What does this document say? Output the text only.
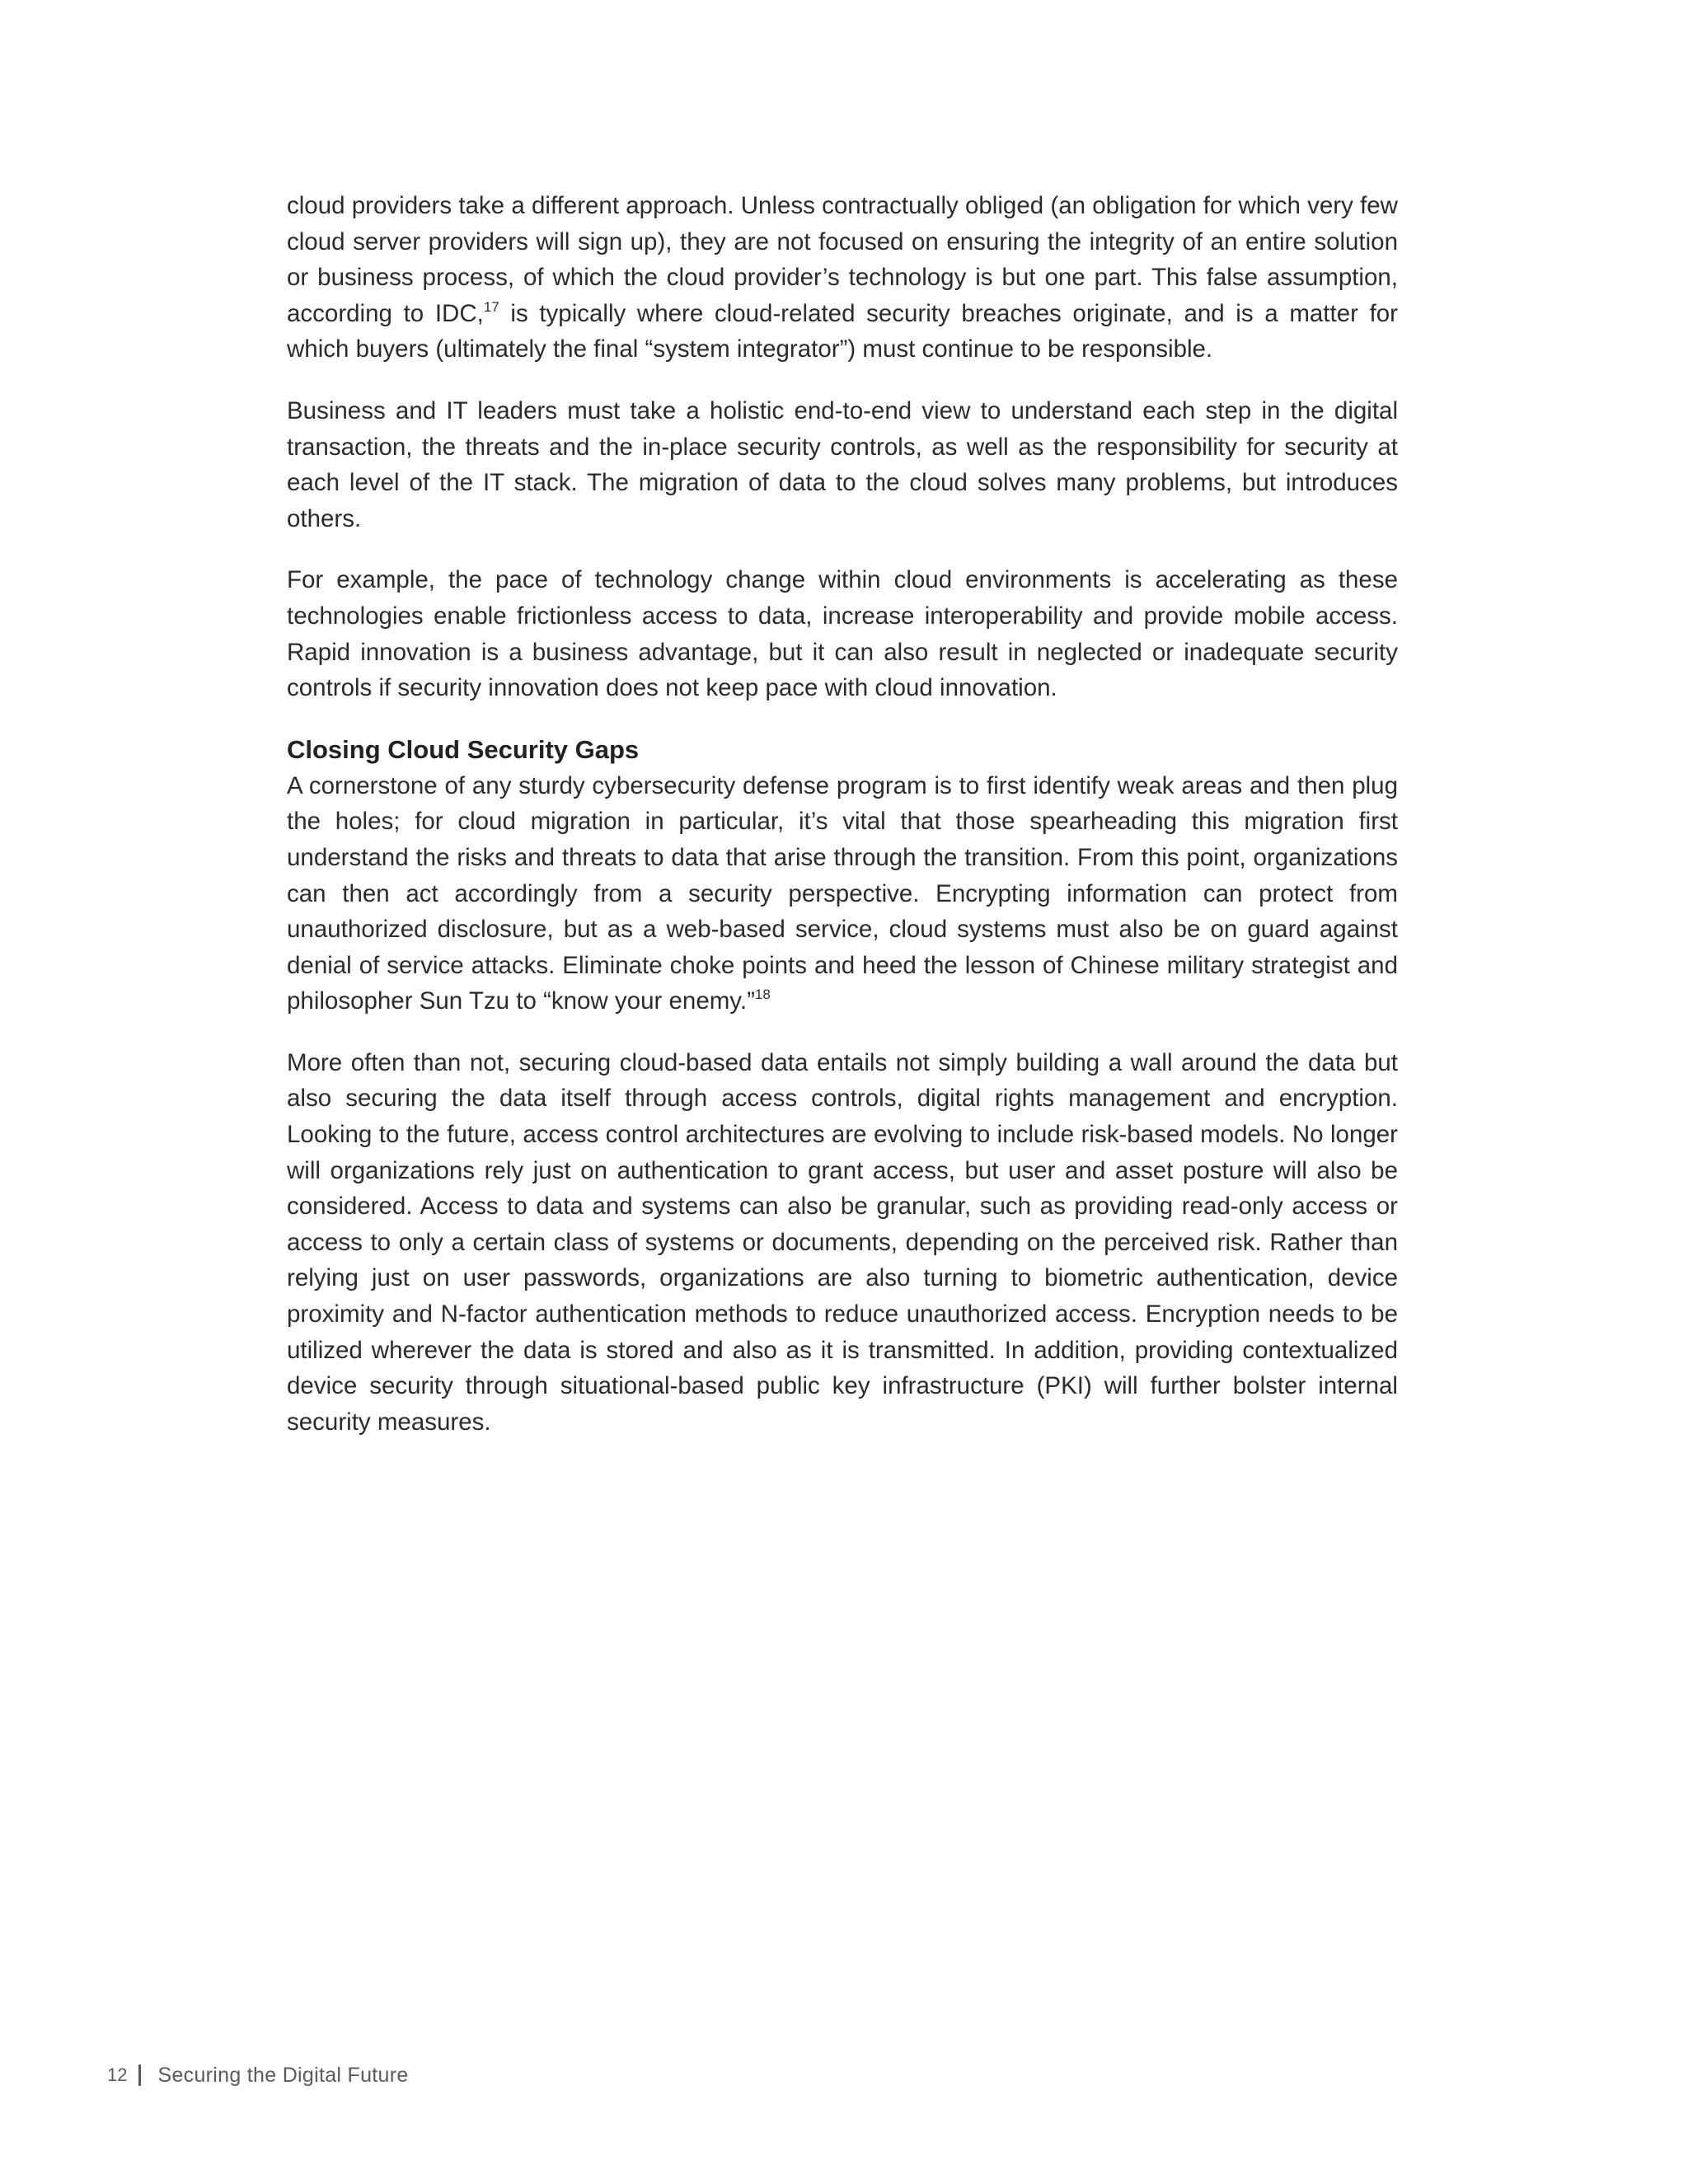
cloud providers take a different approach. Unless contractually obliged (an obligation for which very few cloud server providers will sign up), they are not focused on ensuring the integrity of an entire solution or business process, of which the cloud provider’s technology is but one part. This false assumption, according to IDC,$^{17}$ is typically where cloud-related security breaches originate, and is a matter for which buyers (ultimately the final “system integrator”) must continue to be responsible.

Business and IT leaders must take a holistic end-to-end view to understand each step in the digital transaction, the threats and the in-place security controls, as well as the responsibility for security at each level of the IT stack. The migration of data to the cloud solves many problems, but introduces others.

For example, the pace of technology change within cloud environments is accelerating as these technologies enable frictionless access to data, increase interoperability and provide mobile access. Rapid innovation is a business advantage, but it can also result in neglected or inadequate security controls if security innovation does not keep pace with cloud innovation.

Closing Cloud Security Gaps

A cornerstone of any sturdy cybersecurity defense program is to first identify weak areas and then plug the holes; for cloud migration in particular, it’s vital that those spearheading this migration first understand the risks and threats to data that arise through the transition. From this point, organizations can then act accordingly from a security perspective. Encrypting information can protect from unauthorized disclosure, but as a web-based service, cloud systems must also be on guard against denial of service attacks. Eliminate choke points and heed the lesson of Chinese military strategist and philosopher Sun Tzu to “know your enemy.”$^{18}$

More often than not, securing cloud-based data entails not simply building a wall around the data but also securing the data itself through access controls, digital rights management and encryption. Looking to the future, access control architectures are evolving to include risk-based models. No longer will organizations rely just on authentication to grant access, but user and asset posture will also be considered. Access to data and systems can also be granular, such as providing read-only access or access to only a certain class of systems or documents, depending on the perceived risk. Rather than relying just on user passwords, organizations are also turning to biometric authentication, device proximity and N-factor authentication methods to reduce unauthorized access. Encryption needs to be utilized wherever the data is stored and also as it is transmitted. In addition, providing contextualized device security through situational-based public key infrastructure (PKI) will further bolster internal security measures.

12 Securing the Digital Future
